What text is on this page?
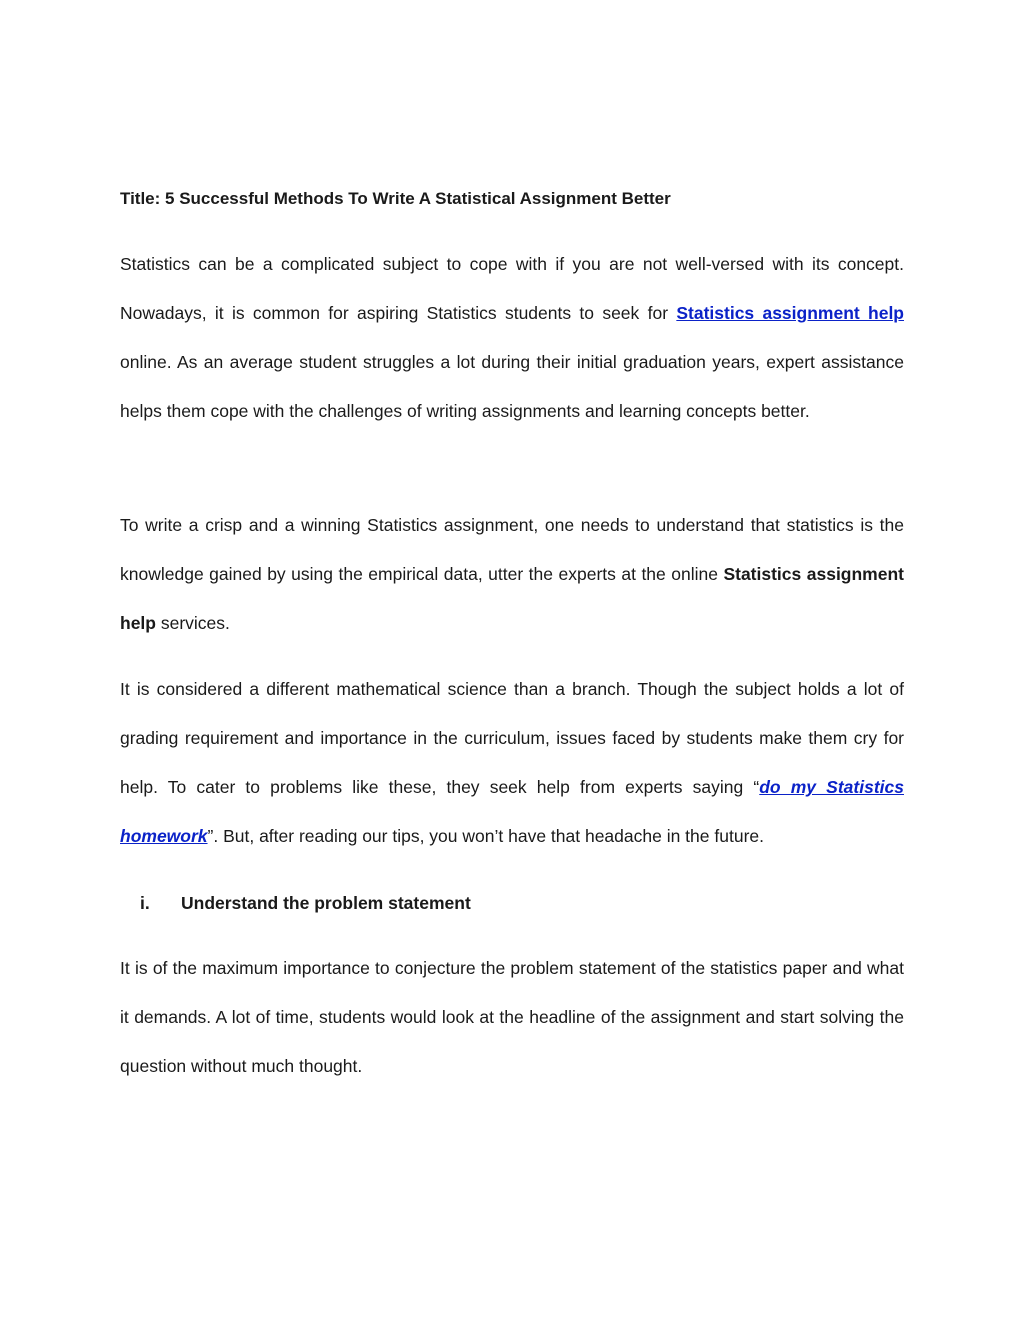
Title: 5 Successful Methods To Write A Statistical Assignment Better
Statistics can be a complicated subject to cope with if you are not well-versed with its concept. Nowadays, it is common for aspiring Statistics students to seek for Statistics assignment help online. As an average student struggles a lot during their initial graduation years, expert assistance helps them cope with the challenges of writing assignments and learning concepts better.
To write a crisp and a winning Statistics assignment, one needs to understand that statistics is the knowledge gained by using the empirical data, utter the experts at the online Statistics assignment help services.
It is considered a different mathematical science than a branch. Though the subject holds a lot of grading requirement and importance in the curriculum, issues faced by students make them cry for help. To cater to problems like these, they seek help from experts saying “do my Statistics homework”. But, after reading our tips, you won’t have that headache in the future.
i. Understand the problem statement
It is of the maximum importance to conjecture the problem statement of the statistics paper and what it demands. A lot of time, students would look at the headline of the assignment and start solving the question without much thought.
